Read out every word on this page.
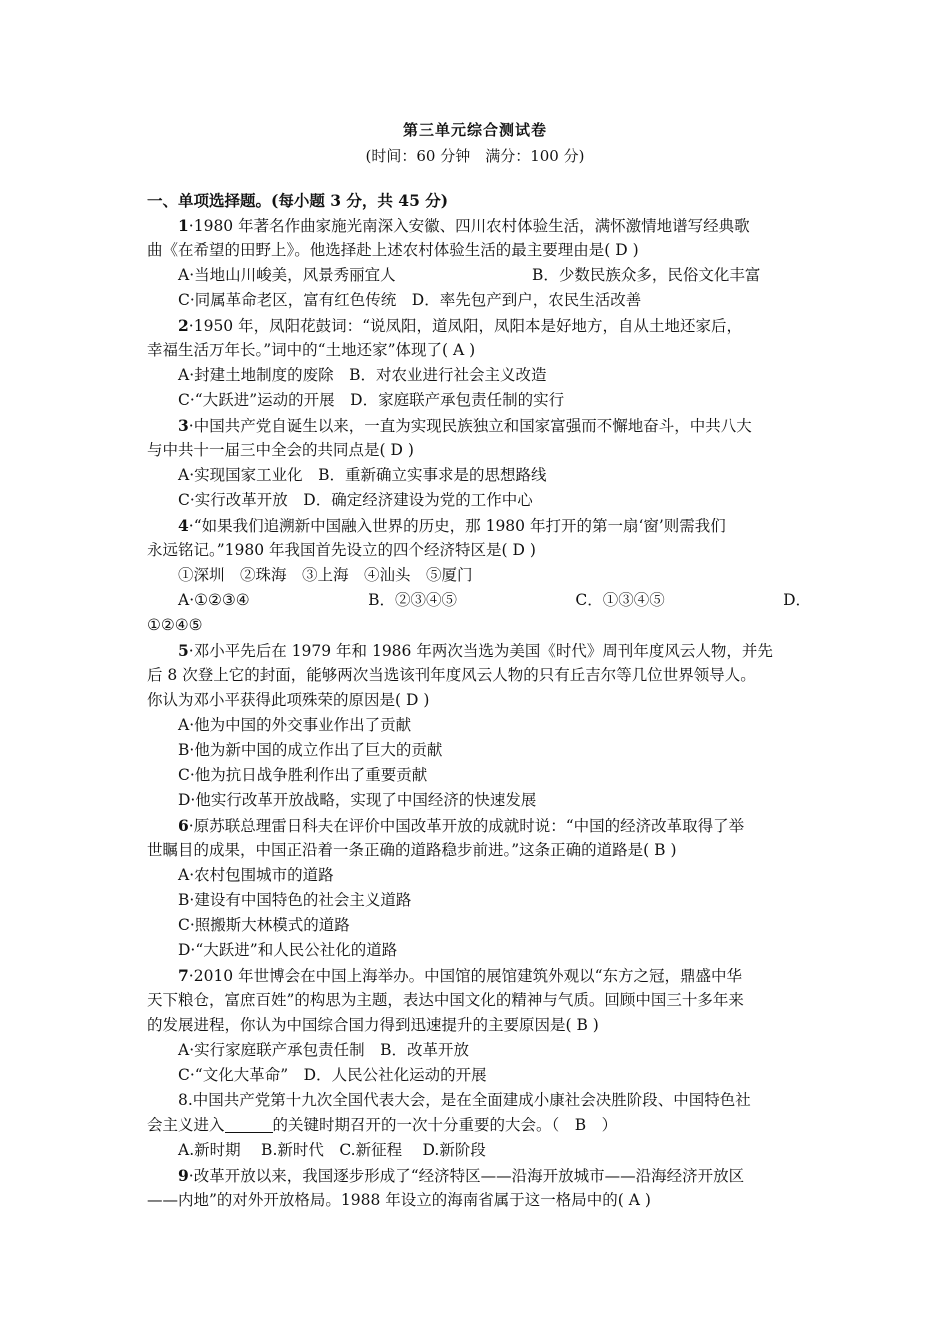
第三单元综合测试卷
(时间：60 分钟　满分：100 分)
一、单项选择题。(每小题 3 分，共 45 分)
1·1980 年著名作曲家施光南深入安徽、四川农村体验生活，满怀激情地谱写经典歌
曲《在希望的田野上》。他选择赴上述农村体验生活的最主要理由是( D )
A·当地山川峻美，风景秀丽宜人	B．少数民族众多，民俗文化丰富
C·同属革命老区，富有红色传统　D．率先包产到户，农民生活改善
2·1950 年，凤阳花鼓词：“说凤阳，道凤阳，凤阳本是好地方，自从土地还家后，
幸福生活万年长。”词中的“土地还家”体现了( A )
A·封建土地制度的废除　B．对农业进行社会主义改造
C·“大跃进”运动的开展　D．家庭联产承包责任制的实行
3·中国共产党自诞生以来，一直为实现民族独立和国家富强而不懈地奋斗，中共八大
与中共十一届三中全会的共同点是( D )
A·实现国家工业化　B．重新确立实事求是的思想路线
C·实行改革开放　D．确定经济建设为党的工作中心
4·“如果我们追溯新中国融入世界的历史，那 1980 年打开的第一扇‘窗’则需我们
永远铭记。”1980 年我国首先设立的四个经济特区是( D )
①深圳　②珠海　③上海　④汕头　⑤厦门
A·①②③④	B．②③④⑤	C．①③④⑤	D．
①②④⑤
5·邓小平先后在 1979 年和 1986 年两次当选为美国《时代》周刊年度风云人物，并先
后 8 次登上它的封面，能够两次当选该刊年度风云人物的只有丘吉尔等几位世界领导人。
你认为邓小平获得此项殊荣的原因是( D )
A·他为中国的外交事业作出了贡献
B·他为新中国的成立作出了巨大的贡献
C·他为抗日战争胜利作出了重要贡献
D·他实行改革开放战略，实现了中国经济的快速发展
6·原苏联总理雷日科夫在评价中国改革开放的成就时说：“中国的经济改革取得了举
世瞩目的成果，中国正沿着一条正确的道路稳步前进。”这条正确的道路是( B )
A·农村包围城市的道路
B·建设有中国特色的社会主义道路
C·照搬斯大林模式的道路
D·“大跃进”和人民公社化的道路
7·2010 年世博会在中国上海举办。中国馆的展馆建筑外观以“东方之冠，鼎盛中华
天下粮仓，富庶百姓”的构思为主题，表达中国文化的精神与气质。回顾中国三十多年来
的发展进程，你认为中国综合国力得到迅速提升的主要原因是( B )
A·实行家庭联产承包责任制　B．改革开放
C·“文化大革命”　D．人民公社化运动的开展
8.中国共产党第十九次全国代表大会，是在全面建成小康社会决胜阶段、中国特色社
会主义进入	的关键时期召开的一次十分重要的大会。（　B　）
A.新时期　 B.新时代　C.新征程　 D.新阶段
9·改革开放以来，我国逐步形成了“经济特区——沿海开放城市——沿海经济开放区
——内地”的对外开放格局。1988 年设立的海南省属于这一格局中的( A )
